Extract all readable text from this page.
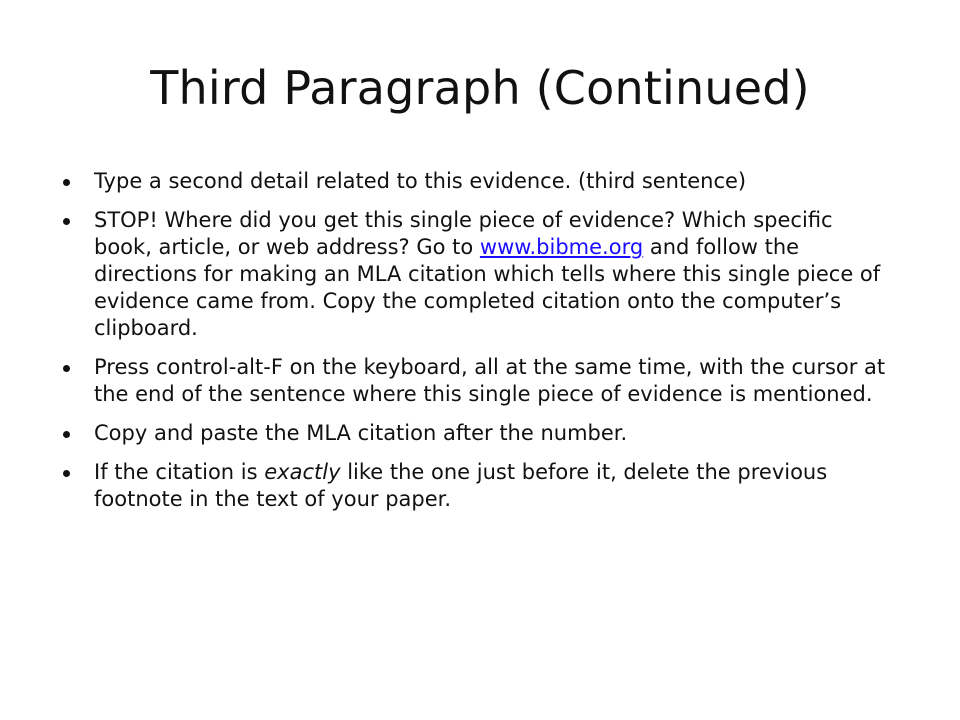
Third Paragraph (Continued)
Type a second detail related to this evidence. (third sentence)
STOP! Where did you get this single piece of evidence? Which specific book, article, or web address? Go to www.bibme.org and follow the directions for making an MLA citation which tells where this single piece of evidence came from. Copy the completed citation onto the computer’s clipboard.
Press control-alt-F on the keyboard, all at the same time, with the cursor at the end of the sentence where this single piece of evidence is mentioned.
Copy and paste the MLA citation after the number.
If the citation is exactly like the one just before it, delete the previous footnote in the text of your paper.
